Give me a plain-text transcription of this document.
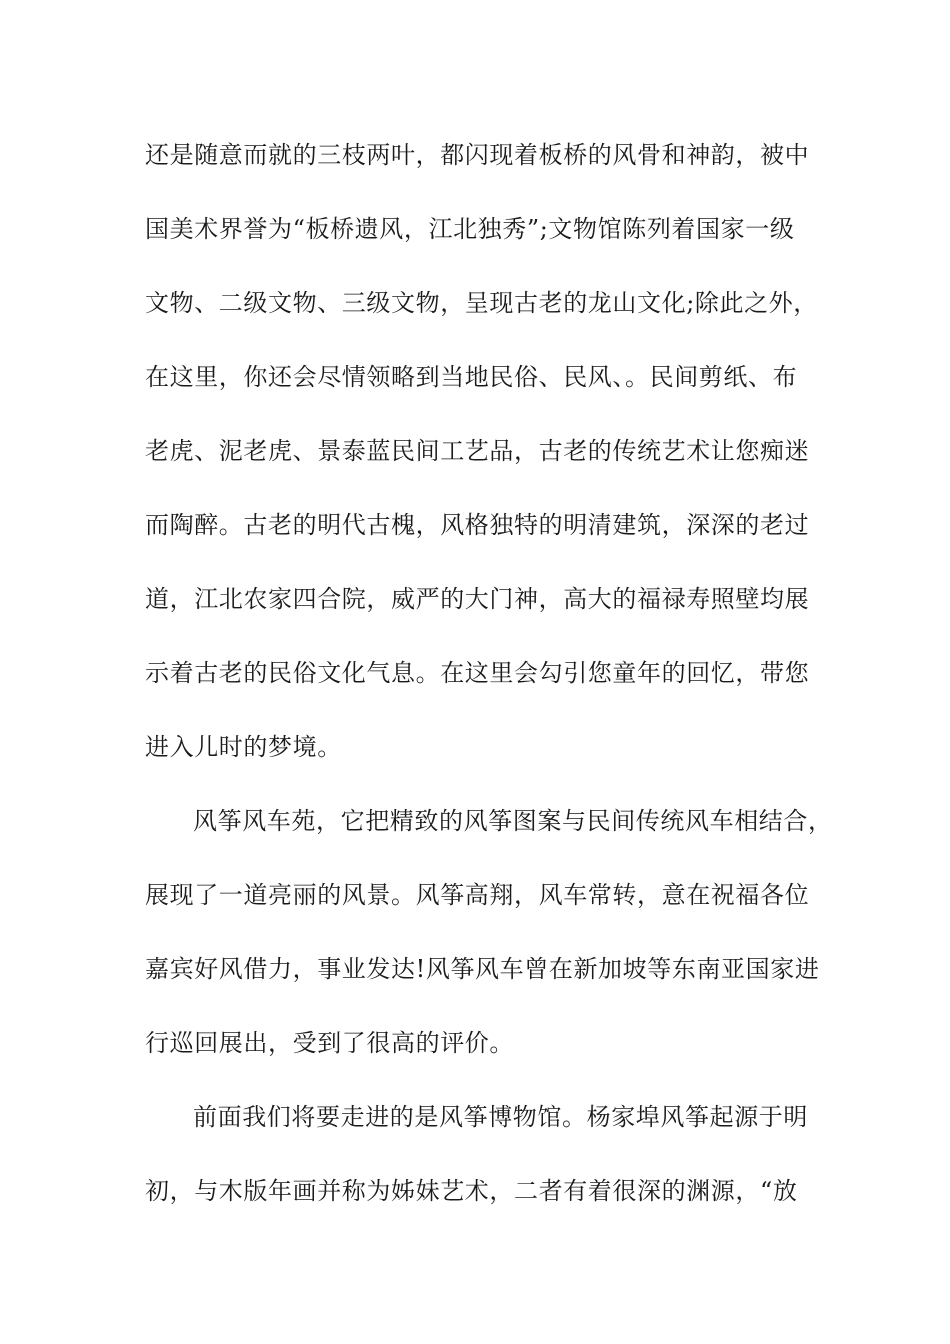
还是随意而就的三枝两叶，都闪现着板桥的风骨和神韵，被中
国美术界誉为“板桥遗风，江北独秀”;文物馆陈列着国家一级
文物、二级文物、三级文物，呈现古老的龙山文化;除此之外，
在这里，你还会尽情领略到当地民俗、民风、。民间剪纸、布
老虎、泥老虎、景泰蓝民间工艺品，古老的传统艺术让您痴迷
而陶醉。古老的明代古槐，风格独特的明清建筑，深深的老过
道，江北农家四合院，威严的大门神，高大的福禄寿照壁均展
示着古老的民俗文化气息。在这里会勾引您童年的回忆，带您
进入儿时的梦境。
风筝风车苑，它把精致的风筝图案与民间传统风车相结合，
展现了一道亮丽的风景。风筝高翔，风车常转，意在祝福各位
嘉宾好风借力，事业发达!风筝风车曾在新加坡等东南亚国家进
行巡回展出，受到了很高的评价。
前面我们将要走进的是风筝博物馆。杨家埠风筝起源于明
初，与木版年画并称为姊妹艺术，二者有着很深的渊源，“放
